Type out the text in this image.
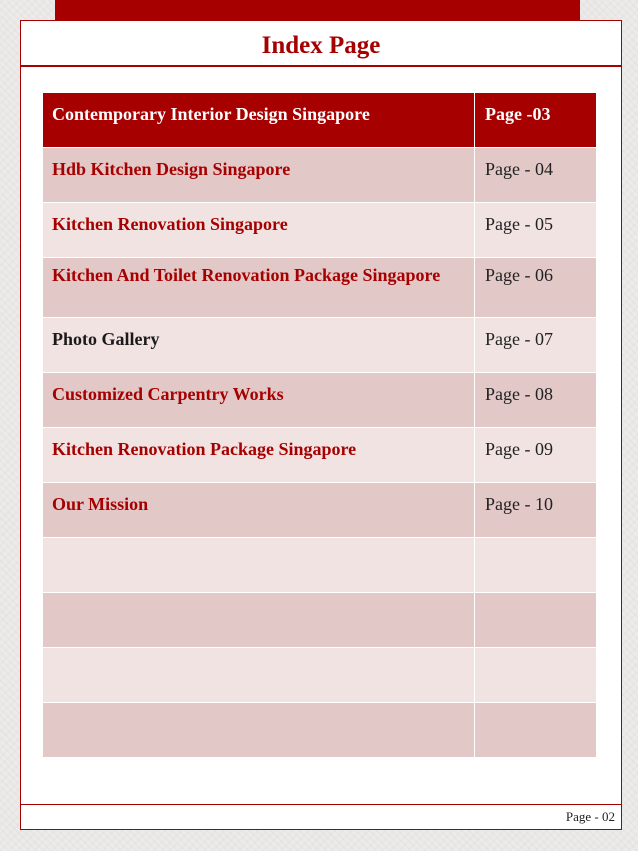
Index Page
Contemporary Interior Design Singapore	Page -03
Hdb Kitchen Design Singapore	Page - 04
Kitchen Renovation Singapore	Page - 05
Kitchen And Toilet Renovation Package Singapore	Page - 06
Photo Gallery	Page - 07
Customized Carpentry Works	Page - 08
Kitchen Renovation Package Singapore	Page - 09
Our Mission	Page - 10

Page - 02
